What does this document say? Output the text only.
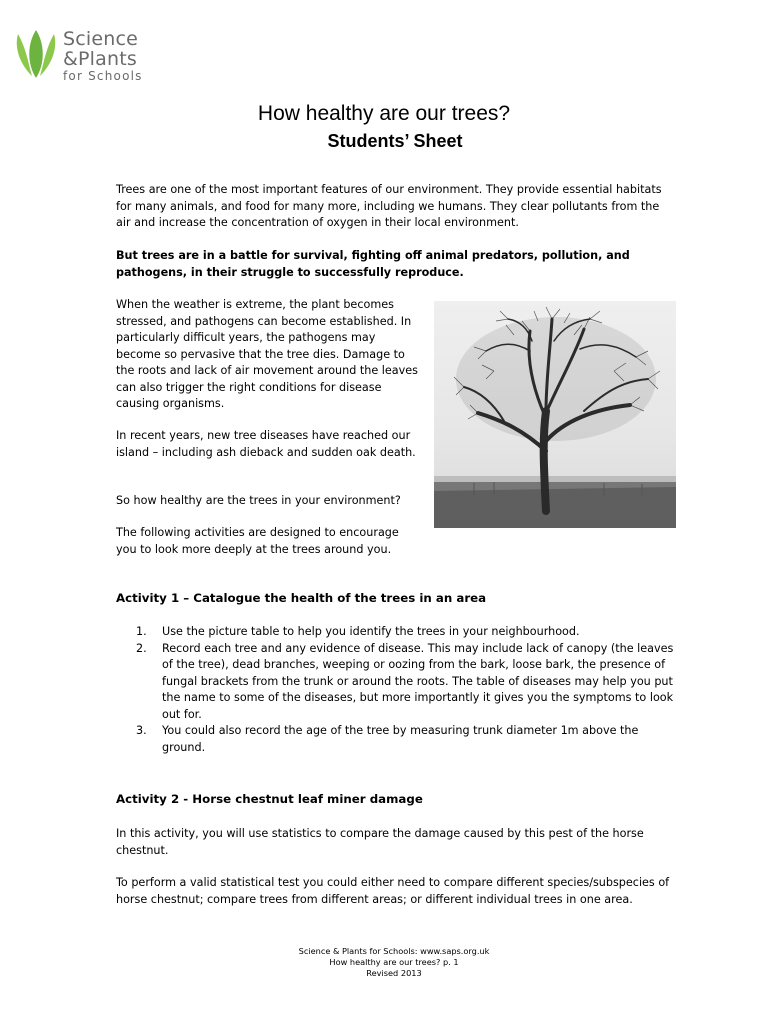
Science
&Plants
for Schools
How healthy are our trees?
Students’ Sheet

Trees are one of the most important features of our environment. They provide essential habitats for many animals, and food for many more, including we humans. They clear pollutants from the air and increase the concentration of oxygen in their local environment.

But trees are in a battle for survival, fighting off animal predators, pollution, and pathogens, in their struggle to successfully reproduce.

When the weather is extreme, the plant becomes stressed, and pathogens can become established. In particularly difficult years, the pathogens may become so pervasive that the tree dies. Damage to the roots and lack of air movement around the leaves can also trigger the right conditions for disease causing organisms.

In recent years, new tree diseases have reached our island – including ash dieback and sudden oak death.

So how healthy are the trees in your environment?

The following activities are designed to encourage you to look more deeply at the trees around you.

Activity 1 – Catalogue the health of the trees in an area
1. Use the picture table to help you identify the trees in your neighbourhood.
2. Record each tree and any evidence of disease. This may include lack of canopy (the leaves of the tree), dead branches, weeping or oozing from the bark, loose bark, the presence of fungal brackets from the trunk or around the roots. The table of diseases may help you put the name to some of the diseases, but more importantly it gives you the symptoms to look out for.
3. You could also record the age of the tree by measuring trunk diameter 1m above the ground.
Activity 2 - Horse chestnut leaf miner damage

In this activity, you will use statistics to compare the damage caused by this pest of the horse chestnut.

To perform a valid statistical test you could either need to compare different species/subspecies of horse chestnut; compare trees from different areas; or different individual trees in one area.

Science & Plants for Schools: www.saps.org.uk
How healthy are our trees? p. 1
Revised 2013
